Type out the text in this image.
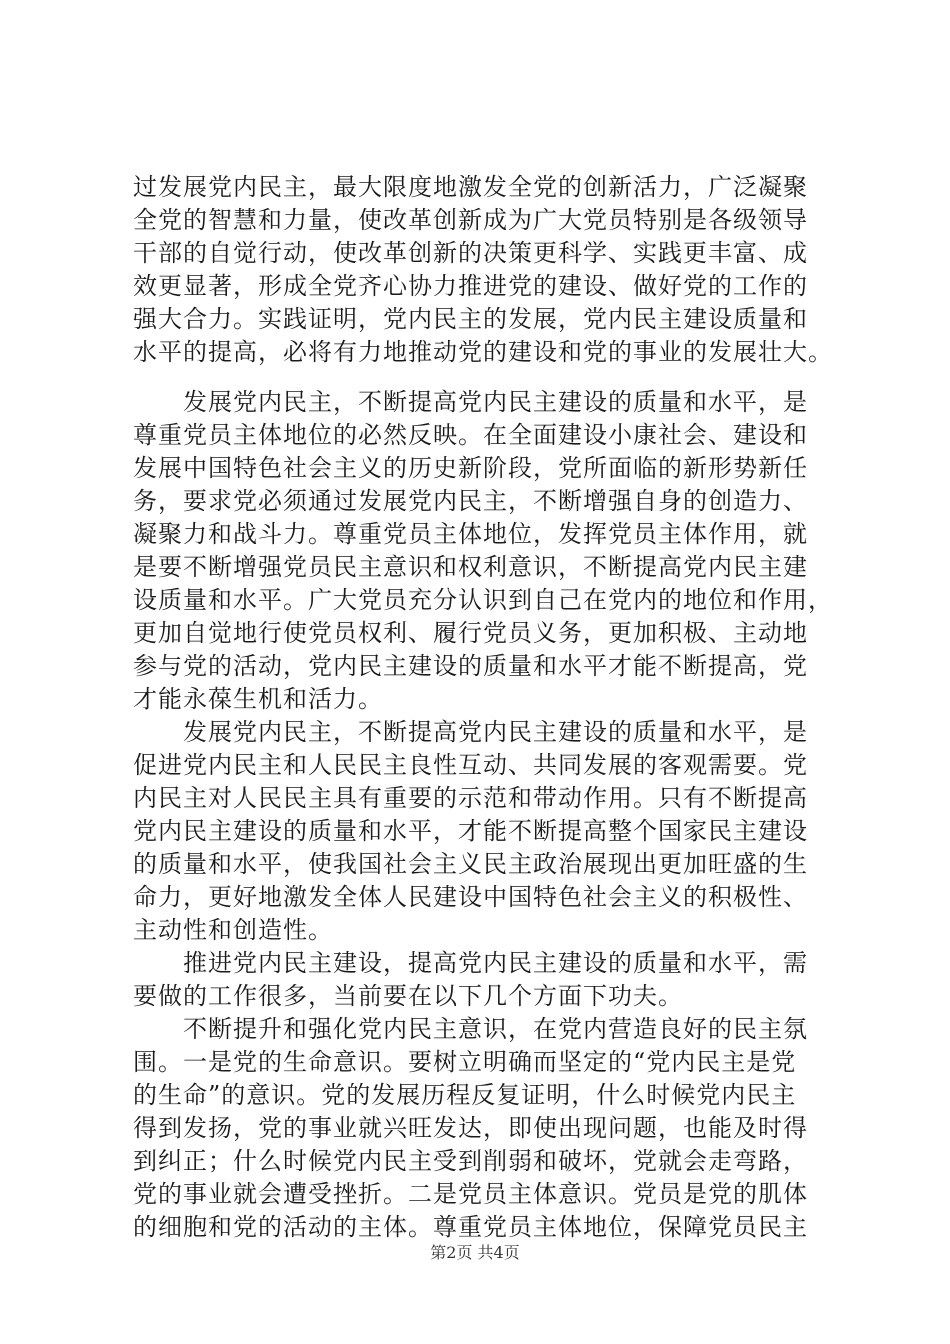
过发展党内民主，最大限度地激发全党的创新活力，广泛凝聚
全党的智慧和力量，使改革创新成为广大党员特别是各级领导
干部的自觉行动，使改革创新的决策更科学、实践更丰富、成
效更显著，形成全党齐心协力推进党的建设、做好党的工作的
强大合力。实践证明，党内民主的发展，党内民主建设质量和
水平的提高，必将有力地推动党的建设和党的事业的发展壮大。
　　发展党内民主，不断提高党内民主建设的质量和水平，是
尊重党员主体地位的必然反映。在全面建设小康社会、建设和
发展中国特色社会主义的历史新阶段，党所面临的新形势新任
务，要求党必须通过发展党内民主，不断增强自身的创造力、
凝聚力和战斗力。尊重党员主体地位，发挥党员主体作用，就
是要不断增强党员民主意识和权利意识，不断提高党内民主建
设质量和水平。广大党员充分认识到自己在党内的地位和作用，
更加自觉地行使党员权利、履行党员义务，更加积极、主动地
参与党的活动，党内民主建设的质量和水平才能不断提高，党
才能永葆生机和活力。
　　发展党内民主，不断提高党内民主建设的质量和水平，是
促进党内民主和人民民主良性互动、共同发展的客观需要。党
内民主对人民民主具有重要的示范和带动作用。只有不断提高
党内民主建设的质量和水平，才能不断提高整个国家民主建设
的质量和水平，使我国社会主义民主政治展现出更加旺盛的生
命力，更好地激发全体人民建设中国特色社会主义的积极性、
主动性和创造性。
　　推进党内民主建设，提高党内民主建设的质量和水平，需
要做的工作很多，当前要在以下几个方面下功夫。
　　不断提升和强化党内民主意识，在党内营造良好的民主氛
围。一是党的生命意识。要树立明确而坚定的“党内民主是党
的生命”的意识。党的发展历程反复证明，什么时候党内民主
得到发扬，党的事业就兴旺发达，即使出现问题，也能及时得
到纠正；什么时候党内民主受到削弱和破坏，党就会走弯路，
党的事业就会遭受挫折。二是党员主体意识。党员是党的肌体
的细胞和党的活动的主体。尊重党员主体地位，保障党员民主
第2页 共4页
